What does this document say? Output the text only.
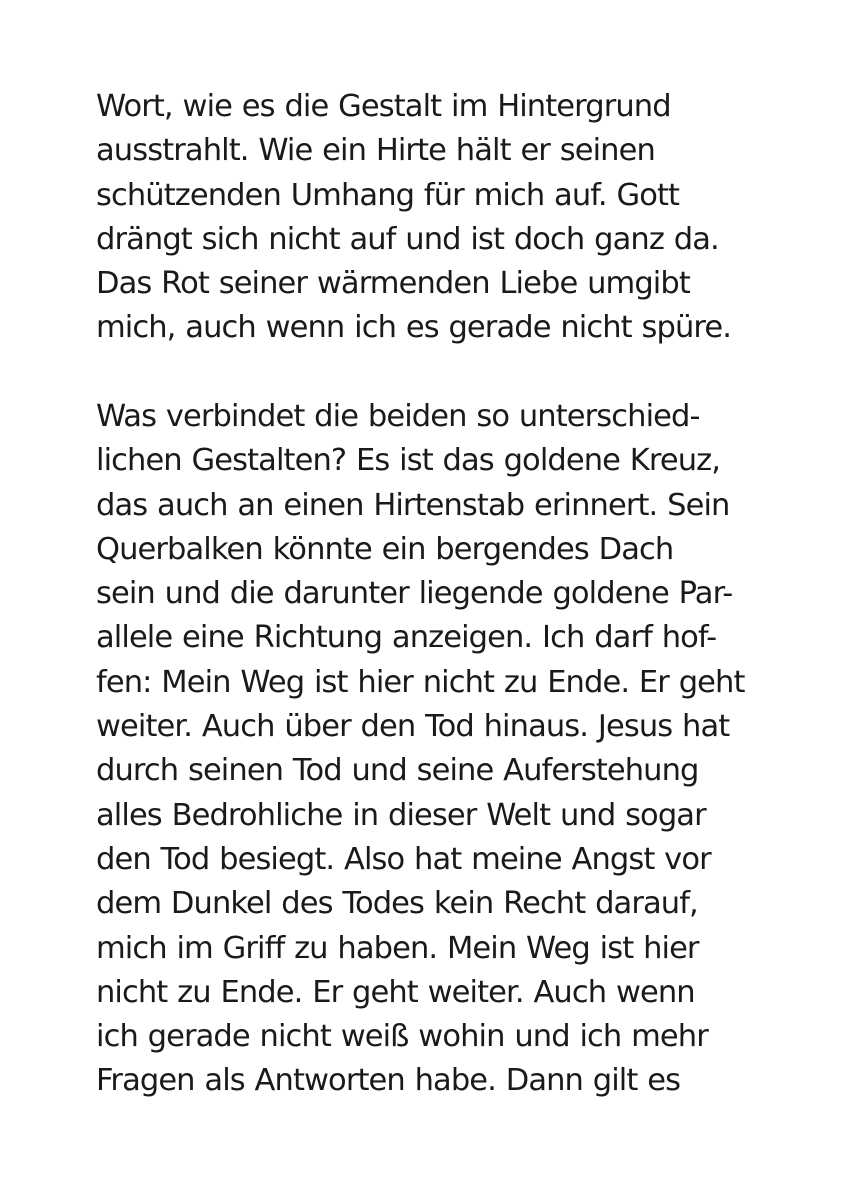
Wort, wie es die Gestalt im Hintergrund
ausstrahlt. Wie ein Hirte hält er seinen
schützenden Umhang für mich auf. Gott
drängt sich nicht auf und ist doch ganz da.
Das Rot seiner wärmenden Liebe umgibt
mich, auch wenn ich es gerade nicht spüre.
Was verbindet die beiden so unterschied-
lichen Gestalten? Es ist das goldene Kreuz,
das auch an einen Hirtenstab erinnert. Sein
Querbalken könnte ein bergendes Dach
sein und die darunter liegende goldene Par-
allele eine Richtung anzeigen. Ich darf hof-
fen: Mein Weg ist hier nicht zu Ende. Er geht
weiter. Auch über den Tod hinaus. Jesus hat
durch seinen Tod und seine Auferstehung
alles Bedrohliche in dieser Welt und sogar
den Tod besiegt. Also hat meine Angst vor
dem Dunkel des Todes kein Recht darauf,
mich im Griff zu haben. Mein Weg ist hier
nicht zu Ende. Er geht weiter. Auch wenn
ich gerade nicht weiß wohin und ich mehr
Fragen als Antworten habe. Dann gilt es
